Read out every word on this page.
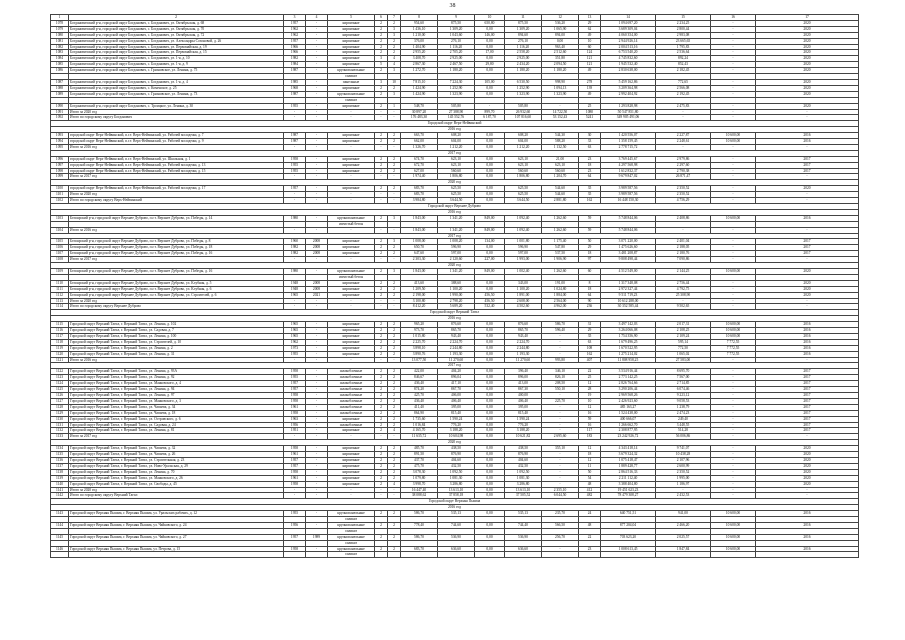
38
1	2	3	4	5	6	7	8	9	10	11	12	13	14	15	16	17
1078	Богдановичский р-н, городской округ Богданович, с. Богданович, ул. Октябрьская, д. 68	1957	-	кирпичные	2	2	954,60	875,50	650,80	875,50	536,20	29	1 094 697,20	2 234,25	-	2020
1079	Богдановичский р-н, городской округ Богданович, с. Богданович, ул. Октябрьская, д. 70	1962	-	кирпичные	2	3	1 436,10	1 309,20	0,00	1 309,20	1 065,90	62	3 689 309,04	2 800,44	-	2020
1080	Богдановичский р-н, городской округ Богданович, с. Богданович, ул. Октябрьская, д. 72	1962	-	кирпичные	2	3	1 210,00	1 043,60	146,00	894,60	894,00	49	4 060 354,00	2 983,08	-	2020
1081	Богдановичский р-н, городской округ Богданович, с. Богданович, ул. Александры Созоновой, д. 26	1957	-	кирпичные	2	2	376,00	276,10	0,00	276,10	0,00	10	2 944 926,14	23 665,65	-	2020
1082	Богдановичский р-н, городской округ Богданович, с. Богданович, ул. Первомайская, д. 19	1966	-	кирпичные	2	2	1 404,90	1 116,20	0,00	1 116,20	963,40	60	2 004 513,16	1 795,83	-	2020
1083	Богдановичский р-н, городской округ Богданович, с. Богданович, ул. Первомайская, д. 15	1966	-	кирпичные	2	2	2 955,20	2 705,20	17,00	2 558,20	2 512,60	124	6 753 540,20	2 536,64	-	2020
1084	Богдановичский р-н, городской округ Богданович, с. Богданович, ул. 1-я, д. 10	1982	-	кирпичные	3	4	3 408,70	2 925,00	0,00	2 925,00	351,80	121	4 745 832,60	892,24	-	2020
1085	Богдановичский р-н, городской округ Богданович, с. Богданович, ул. 1-я, д. 9	1984	-	кирпичные	5	4	2 867,30	2 467,50	29,80	2 434,20	2 094,50	121	1 945 532,40	852,43	-	2020
1086	Богдановичский р-н, городской округ Богданович, с. Грязновское, ул. Ленина, д. 75	1987	-	крупнопанельные	2	3	1 272,70	1 180,20	0,00	1 180,20	1 180,20	49	2 830 638,00	2 182,45	-	2020
				силикат												
1087	Богдановичский р-н, городской округ Богданович, с. Богданович, ул. 1-я, д. 4	1985	-	панельные	3	10	7 815,10	7 224,30	105,00	6 530,50	998,90	278	5 459 162,86	772,65	-	2020
1088	Богдановичский р-н, городской округ Богданович, с. Коменское, д. 25	1968	-	кирпичные	2	2	1 424,90	1 252,90	0,00	1 252,90	1 094,13	139	3 209 364,98	2 566,08	-	2020
1089	Богдановичский р-н, городской округ Богданович, с. Грязновское, ул. Ленина, д. 73	1987	-	крупнопанельные	2	3	1 424,90	1 323,90	0,00	1 323,90	1 323,90	49	2 992 404,92	2 192,45	-	2020
				силикат												
1090	Богдановичский р-н, городской округ Богданович, с. Троицкое, ул. Ленина, д. 30	1955	-	кирпичные	2	1	548,70	505,80	-	505,80	-	25	1 293 828,98	2 475,83	-	2020
1091	Итого за 2020 год	-	-	-	-	-	30 897,20	27 388,90	899,70	26 932,60	14 722,50	1080	50 547 851,80	-	-	-
1092	Итого по городскому округу Богданович	-	-	-	-	-	176 483,30	145 552,76	6 187,70	107 816,60	53 152,43	5241	349 905 491,06	-	-	-
Городской округ Верх-Нейвинский																
2016 год																
1093	городской округ Верх-Нейвинский, п.г.т. Верх-Нейвинский, ул. Рабочей молодежи, д. 7	1987	-	кирпичные	2	2	663,70	608,20	0,00	608,20	544,30	30	1 420 556,07	2 227,87	10 600,00	2016
1094	городской округ Верх-Нейвинский, п.г.т. Верх-Нейвинский, ул. Рабочей молодежи, д. 9	1987	-	кирпичные	2	2	662,00	604,00	0,00	604,00	588,20	33	1 358 159,45	2 248,61	10 600,00	2016
1095	Итого за 2016 год	-	-	-	-	-	1 326,70	1 212,20	0,00	1 212,20	1 132,50	63	2 778 715,72	-	-	-
2017 год																
1096	городской округ Верх-Нейвинский, п.г.т. Верх-Нейвинский, ул. Школьная, д. 1	1958	-	кирпичные	2	2	674,70	623,10	0,00	623,10	21,00	23	3 769 445,67	2 979,86	-	2017
1097	городской округ Верх-Нейвинский, п.г.т. Верх-Нейвинский, ул. Рабочей молодежи, д. 13	1955	-	кирпичные	2	2	672,70	623,10	0,00	623,10	623,10	18	4 297 568,98	2 297,60	-	2017
1098	городской округ Верх-Нейвинский, п.г.т. Верх-Нейвинский, ул. Рабочей молодежи, д. 15	1955	-	кирпичные	2	2	627,00	560,60	0,00	560,60	560,60	23	1 612 832,37	2 790,38	-	2017
1099	Итого за 2017 год	-	-	-	-	-	1 974,40	1 806,80	0,00	1 806,80	1 204,70	64	9 679 847,02	26 871,47	-	-
2020 год																
1100	городской округ Верх-Нейвинский, п.г.т. Верх-Нейвинский, ул. Рабочей молодежи, д. 17	1957	-	кирпичные	2	2	683,70	625,50	0,00	625,50	544,60	35	3 989 587,56	2 350,52	-	2020
1101	Итого за 2020 год	-	-	-	-	-	683,70	625,50	0,00	625,50	544,60	35	3 989 587,56	2 350,52	-	-
1102	Итого по городскому округу Верх-Нейвинский	-	-	-	-	-	3 984,80	3 644,50	0,00	3 644,50	2 881,80	162	16 448 150,30	4 756,29	-	-
Городской округ Верхнее Дуброво																
2016 год																
1103	Белоярский р-н, городской округ Верхнее Дуброво, п.г.т. Верхнее Дуброво, ул. Победы, д. 14	1980	-	крупнопанельные	2	3	1 843,00	1 341,20	849,00	1 092,40	1 262,60	59	5 748 844,06	2 408,86	10 600,00	2016
				ячеистый бетон												
1104	Итого за 2016 год	-	-	-	-	-	1 843,00	1 341,20	849,00	1 092,40	1 262,60	59	5 748 844,06	-	-	-
2017 год																
1105	Белоярский р-н, городской округ Верхнее Дуброво, п.г.т. Верхнее Дуброво, ул. Победы, д. 8	1960	2008	кирпичные	2	3	1 008,00	1 008,20	134,00	1 001,80	1 175,40	50	3 071 220,00	2 401,04	-	2017
1106	Белоярский р-н, городской округ Верхнее Дуброво, п.г.т. Верхнее Дуброво, ул. Победы, д. 18	1982	2008	кирпичные	2	2	650,70	596,90	0,00	596,90	547,80	29	1 475 626,60	2 188,05	-	2017
1107	Белоярский р-н, городской округ Верхнее Дуброво, п.г.т. Верхнее Дуброво, ул. Победы, д. 16	1982	2008	кирпичные	2	2	647,60	597,00	0,00	597,00	537,50	18	3 481 208,87	2 180,76	-	2017
1108	Итого за 2017 год	-	-	-	-	-	2 303,30	2 120,60	227,00	1 993,00	1 906,90	97	9 808 498,44	7 090,86	-	-
2020 год																
1109	Белоярский р-н, городской округ Верхнее Дуброво, п.г.т. Верхнее Дуброво, ул. Победы, д. 16	1980	-	крупнопанельные	2	3	1 843,00	1 341,20	849,00	1 002,40	1 262,60	60	4 512 549,00	2 144,25	10 600,00	2020
				ячеистый бетон												
1110	Белоярский р-н, городской округ Верхнее Дуброво, п.г.т. Верхнее Дуброво, ул. Клубная, д. 5	1948	2008	кирпичные	2	2	413,60	388,60	0,00	343,00	191,00	8	1 317 348,08	2 756,44	-	2020
1111	Белоярский р-н, городской округ Верхнее Дуброво, п.г.т. Верхнее Дуброво, ул. Клубная, д. 6	1948	2008	кирпичные	2	2	1 209,50	1 100,20	0,00	1 100,20	1 024,80	18	2 972 327,44	4 792,75	-	2020
1112	Белоярский р-н, городской округ Верхнее Дуброво, п.г.т. Верхнее Дуброво, ул. Строителей, д. 6	1965	2021	кирпичные	2	2	2 198,00	1 990,00	456,50	1 891,00	1 884,00	64	9 511 719,23	25 308,90	-	2020
1113	Итого за 2020 год	-	-	-	-	-	3 100,80	2 798,20	456,50	2 608,00	2 564,00	90	10 612 288,00	-	-	-
1114	Итого по городскому округу Верхнее Дуброво	-	-	-	-	-	8 412,20	5 689,20	532,40	4 502,60	4 962,00	236	30 352 585,44	9 502,65	-	-
Городской округ Верхний Тагил																
2016 год																
1115	Городской округ Верхний Тагил, г. Верхний Тагил, ул. Ленина, д. 102	1965	-	кирпичные	2	2	965,20	876,60	0,00	876,60	586,70	31	3 497 142,03	2 017,31	10 600,00	2016
1116	Городской округ Верхний Тагил, г. Верхний Тагил, ул. Садовая, д. 7	1965	-	кирпичные	2	2	973,70	865,70	0,00	865,70	596,40	29	3 264 066,08	2 108,25	10 600,00	2016
1117	Городской округ Верхний Тагил, г. Верхний Тагил, ул. Ленина, д. 100	1965	-	кирпичные	2	2	1 015,80	943,40	0,00	943,40	-	35	1 754 356,90	2 109,24	10 600,00	2016
1118	Городской округ Верхний Тагил, г. Верхний Тагил, ул. Строителей, д. 10	1962	-	кирпичные	2	2	2 225,70	2 224,70	0,00	2 224,70	-	63	1 679 496,25	595,14	7 772,55	2016
1119	Городской округ Верхний Тагил, г. Верхний Тагил, ул. Ленина, д. 2	1973	-	кирпичные	2	2	3 898,10	2 244,80	0,00	2 244,80	-	108	1 670 522,95	772,50	7 772,55	2016
1120	Городской округ Верхний Тагил, г. Верхний Тагил, ул. Ленина, д. 31	1955	-	кирпичные	2	2	3 890,76	1 193,30	0,00	1 193,30	-	162	1 275 214,02	1 065,02	7 772,55	2016
1121	Итого за 2016 год	-	-	-	-	-	13 077,50	11 270,60	0,00	11 270,60	993,80	407	11 808 958,25	27 583,00	-	-
2017 год																
1122	Городской округ Верхний Тагил, г. Верхний Тагил, ул. Ленина, д. 93А	1958	-	шлакоблочные	2	2	422,00	404,20	0,00	396,40	346,10	22	3 534 916,44	8 695,70	-	2017
1123	Городской округ Верхний Тагил, г. Верхний Тагил, ул. Ленина, д. 92	1955	-	шлакоблочные	2	2	846,67	896,04	0,00	896,00	826,10	25	2 773 142,25	7 567,00	-	2017
1124	Городской округ Верхний Тагил, г. Верхний Тагил, ул. Маяковского, д. 4	1957	-	шлакоблочные	2	2	436,40	417,10	0,00	413,00	208,50	12	2 826 764,66	2 714,85	-	2017
1125	Городской округ Верхний Тагил, г. Верхний Тагил, ул. Ленина, д. 94	1957	-	шлакоблочные	2	2	874,20	867,70	0,00	867,30	550,10	28	3 290 206,44	6 074,46	-	2017
1126	Городской округ Верхний Тагил, г. Верхний Тагил, ул. Ленина, д. 97	1958	-	шлакоблочные	2	2	425,70	406,00	0,00	400,00	-	19	2 969 568,26	9 223,12	-	2017
1127	Городской округ Верхний Тагил, г. Верхний Тагил, ул. Маяковского, д. 3	1958	-	шлакоблочные	2	2	436,40	406,40	0,00	406,40	225,70	10	2 426 923,60	9 058,53	-	2017
1128	Городской округ Верхний Тагил, г. Верхний Тагил, ул. Чапаева, д. 34	1961	-	шлакоблочные	2	2	411,40	395,00	0,00	395,00	-	12	485 163,27	1 238,79	-	2017
1129	Городской округ Верхний Тагил, г. Верхний Тагил, ул. Чапаева, д. 18	1958	-	шлакоблочные	2	2	864,90	815,40	0,00	815,40	-	16	1 524 438,00	2 474,23	-	2017
1130	Городской округ Верхний Тагил, г. Верхний Тагил, ул. Островского, д. 6	1963	-	кирпичные	2	2	1 735,60	1 590,24	0,00	1 590,24	-	59	400 666,07	249,40	-	2017
1131	Городской округ Верхний Тагил, г. Верхний Тагил, ул. Садовая, д. 24	1956	-	шлакоблочные	2	2	1 016,84	776,20	0,00	776,20	-	16	1 266 662,70	3 448,55	-	2017
1132	Городской округ Верхний Тагил, г. Верхний Тагил, ул. Ленина, д. 81	1951	-	кирпичные	2	4	4 165,70	3 188,20	0,00	3 188,20	-	117	2 308 877,95	514,28	-	2017
1133	Итого за 2017 год	-	-	-	-	-	11 635,72	10 604,98	0,00	10 621,82	2 695,60	183	23 242 926,72	56 006,86	-	-
2020 год																
1134	Городской округ Верхний Тагил, г. Верхний Тагил, ул. Чапаева, д. 32	1958	-	кирпичные	2	2	485,70	438,50	0,00	438,50	355,10	12	4 343 418,14	9 741,07	-	2020
1135	Городской округ Верхний Тагил, г. Верхний Тагил, ул. Чапаева, д. 26	1961	-	кирпичные	2	2	891,50	876,90	0,00	876,90	-	18	3 679 324,32	10 438,28	-	2020
1136	Городской округ Верхний Тагил, г. Верхний Тагил, ул. Строительная, д. 23	1957	-	кирпичные	2	2	437,70	404,60	0,00	404,60	-	12	1 075 418,47	2 107,96	-	2020
1137	Городской округ Верхний Тагил, г. Верхний Тагил, ул. Ново-Уральская, д. 29	1957	-	кирпичные	2	2	475,70	432,50	0,00	432,50	-	11	1 889 428,77	2 600,99	-	2020
1138	Городской округ Верхний Тагил, г. Верхний Тагил, ул. Ленина, д. 70	1958	-	кирпичные	2	2	3 078,30	1 092,50	0,00	1 092,50	-	50	2 864 516,33	2 350,52	-	2020
1139	Городской округ Верхний Тагил, г. Верхний Тагил, ул. Маяковского, д. 26	1961	-	кирпичные	2	2	1 079,80	1 081,30	0,00	1 081,30	-	54	2 211 112,40	1 995,00	-	2020
1140	Городской округ Верхний Тагил, г. Верхний Тагил, ул. Свободы, д. 45	1958	-	кирпичные	2	4	3 998,70	3 286,80	0,00	3 286,80	-	48	3 388 404,80	1 186,97	-	2020
1141	Итого за 2020 год	-	-	-	-	-	16 447,40	13 613,10	0,00	13 613,10	2 355,10	412	19 451 623,23	-	-	-
1142	Итого по городскому округу Верхний Тагил	-	-	-	-	-	38 088,62	37 858,18	0,00	37 505,52	6 044,50	482	78 479 308,27	2 432,53	-	-
Городской округ Верхняя Пышма																
2016 год																
1143	Городской округ Верхняя Пышма, г. Верхняя Пышма, ул. Уральских рабочих, д. 12	1955	-	крупнопанельные	2	2	586,70	535,13	0,00	535,13	235,70	24	640 751,51	941,00	10 600,00	2016
				силикат												
1144	Городской округ Верхняя Пышма, г. Верхняя Пышма, ул. Чайковского, д. 24	1956	-	крупнопанельные	2	2	778,40	744,60	0,00	744,40	566,50	48	877 204,04	2 466,20	10 600,00	2016
				силикат												
1145	Городской округ Верхняя Пышма, г. Верхняя Пышма, ул. Чайковского, д. 27	1957	1989	крупнопанельные	2	2	586,70	536,90	0,00	536,90	256,70	22	703 623,20	2 025,57	10 600,00	2016
				силикат												
1146	Городской округ Верхняя Пышма, г. Верхняя Пышма, ул. Петрова, д. 15	1958	-	крупнопанельные	2	2	683,70	636,60	0,00	636,60	-	23	1 008 613,45	1 847,84	10 600,00	2016
				силикат												
